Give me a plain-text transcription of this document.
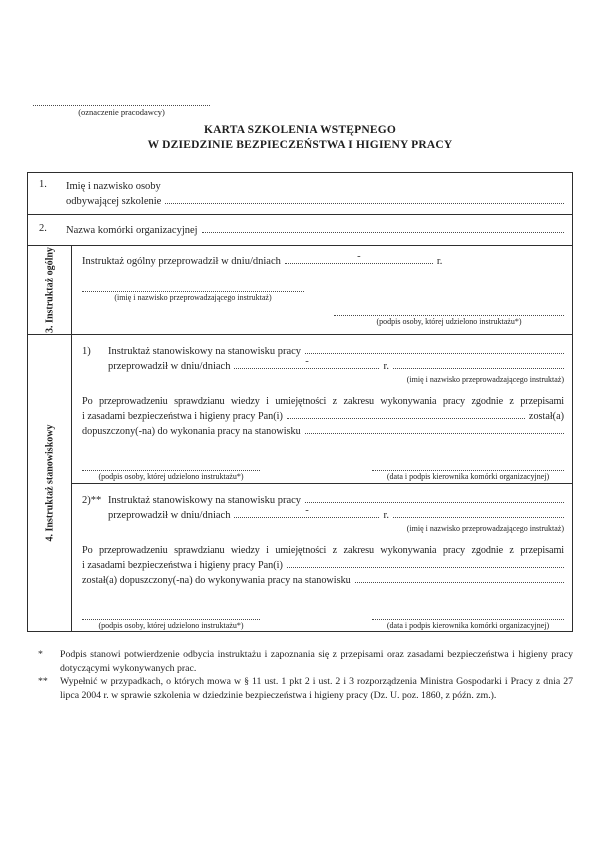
(oznaczenie pracodawcy)
KARTA SZKOLENIA WSTĘPNEGO
W DZIEDZINIE BEZPIECZEŃSTWA I HIGIENY PRACY
1.	Imię i nazwisko osoby
odbywającej szkolenie
2.	Nazwa komórki organizacyjnej
3. Instruktaż ogólny	Instruktaż ogólny przeprowadził w dniu/dniach	-	r.
(imię i nazwisko przeprowadzającego instruktaż)
(podpis osoby, której udzielono instruktażu*)
4. Instruktaż stanowiskowy
1)	Instruktaż stanowiskowy na stanowisku pracy
przeprowadził w dniu/dniach	-	r.
(imię i nazwisko przeprowadzającego instruktaż)
Po przeprowadzeniu sprawdzianu wiedzy i umiejętności z zakresu wykonywania pracy zgodnie z przepisami
i zasadami bezpieczeństwa i higieny pracy Pan(i)	został(a)
dopuszczony(-na) do wykonania pracy na stanowisku
(podpis osoby, której udzielono instruktażu*)	(data i podpis kierownika komórki organizacyjnej)
2)** Instruktaż stanowiskowy na stanowisku pracy
przeprowadził w dniu/dniach	-	r.
(imię i nazwisko przeprowadzającego instruktaż)
Po przeprowadzeniu sprawdzianu wiedzy i umiejętności z zakresu wykonywania pracy zgodnie z przepisami
i zasadami bezpieczeństwa i higieny pracy Pan(i)
został(a) dopuszczony(-na) do wykonywania pracy na stanowisku
(podpis osoby, której udzielono instruktażu*)	(data i podpis kierownika komórki organizacyjnej)
*	Podpis stanowi potwierdzenie odbycia instruktażu i zapoznania się z przepisami oraz zasadami bezpieczeństwa i higieny pracy dotyczącymi wykonywanych prac.
**	Wypełnić w przypadkach, o których mowa w § 11 ust. 1 pkt 2 i ust. 2 i 3 rozporządzenia Ministra Gospodarki i Pracy z dnia 27 lipca 2004 r. w sprawie szkolenia w dziedzinie bezpieczeństwa i higieny pracy (Dz. U. poz. 1860, z późn. zm.).
